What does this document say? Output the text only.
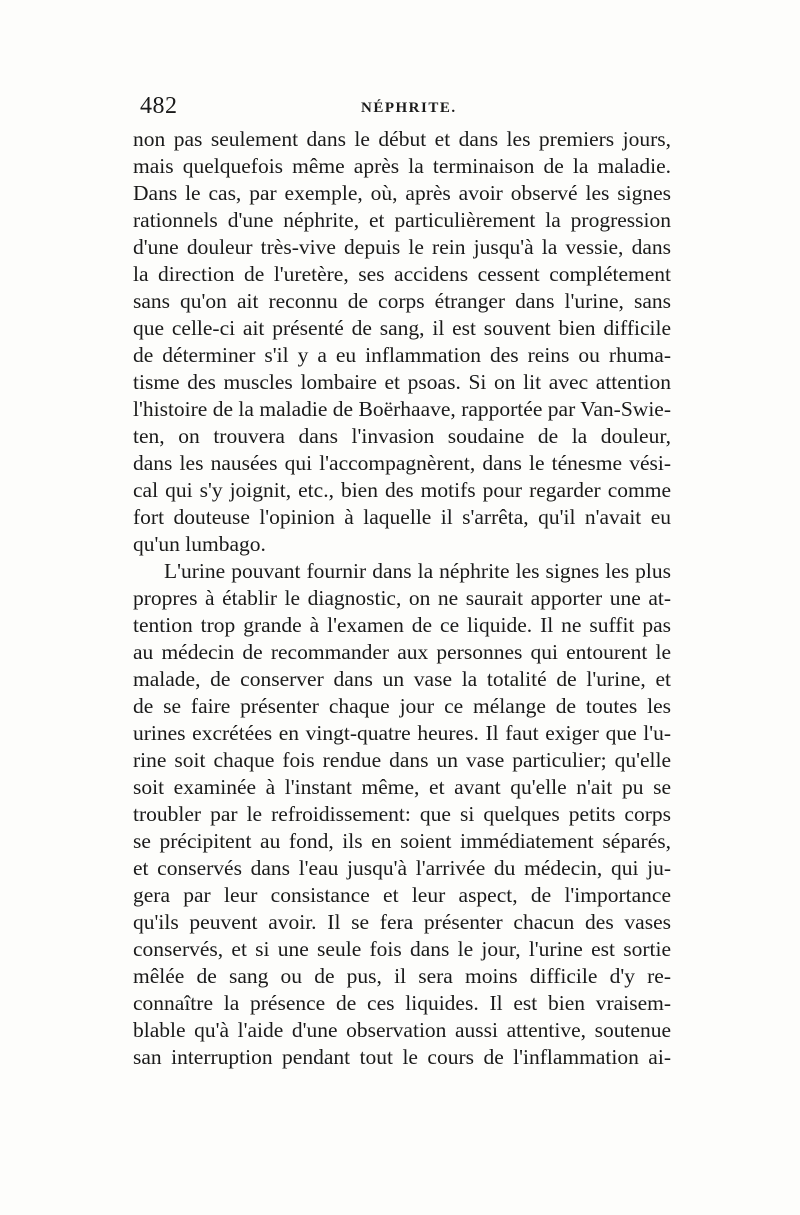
482	NÉPHRITE.
non pas seulement dans le début et dans les premiers jours,
mais quelquefois même après la terminaison de la maladie.
Dans le cas, par exemple, où, après avoir observé les signes
rationnels d'une néphrite, et particulièrement la progression
d'une douleur très-vive depuis le rein jusqu'à la vessie, dans
la direction de l'uretère, ses accidens cessent complétement
sans qu'on ait reconnu de corps étranger dans l'urine, sans
que celle-ci ait présenté de sang, il est souvent bien difficile
de déterminer s'il y a eu inflammation des reins ou rhuma-
tisme des muscles lombaire et psoas. Si on lit avec attention
l'histoire de la maladie de Boërhaave, rapportée par Van-Swie-
ten, on trouvera dans l'invasion soudaine de la douleur,
dans les nausées qui l'accompagnèrent, dans le ténesme vési-
cal qui s'y joignit, etc., bien des motifs pour regarder comme
fort douteuse l'opinion à laquelle il s'arrêta, qu'il n'avait eu
qu'un lumbago.
L'urine pouvant fournir dans la néphrite les signes les plus
propres à établir le diagnostic, on ne saurait apporter une at-
tention trop grande à l'examen de ce liquide. Il ne suffit pas
au médecin de recommander aux personnes qui entourent le
malade, de conserver dans un vase la totalité de l'urine, et
de se faire présenter chaque jour ce mélange de toutes les
urines excrétées en vingt-quatre heures. Il faut exiger que l'u-
rine soit chaque fois rendue dans un vase particulier; qu'elle
soit examinée à l'instant même, et avant qu'elle n'ait pu se
troubler par le refroidissement: que si quelques petits corps
se précipitent au fond, ils en soient immédiatement séparés,
et conservés dans l'eau jusqu'à l'arrivée du médecin, qui ju-
gera par leur consistance et leur aspect, de l'importance
qu'ils peuvent avoir. Il se fera présenter chacun des vases
conservés, et si une seule fois dans le jour, l'urine est sortie
mêlée de sang ou de pus, il sera moins difficile d'y re-
connaître la présence de ces liquides. Il est bien vraisem-
blable qu'à l'aide d'une observation aussi attentive, soutenue
san interruption pendant tout le cours de l'inflammation ai-
